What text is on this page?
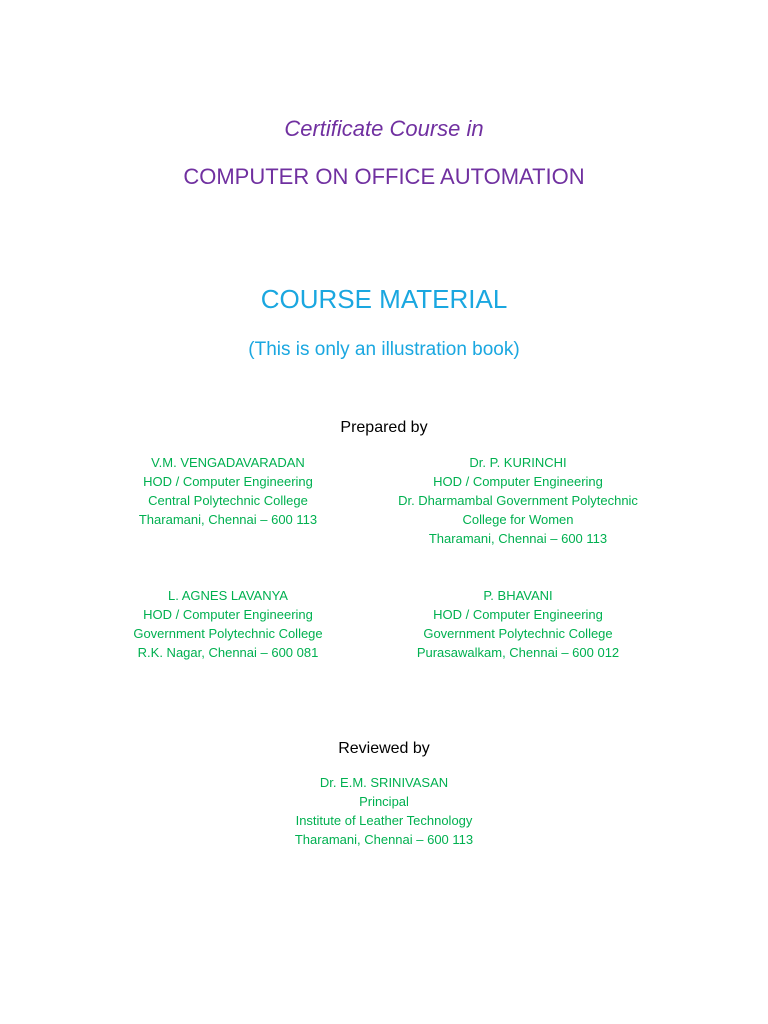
Certificate Course in
COMPUTER ON OFFICE AUTOMATION
COURSE MATERIAL
(This is only an illustration book)
Prepared by
V.M. VENGADAVARADAN
HOD / Computer Engineering
Central Polytechnic College
Tharamani, Chennai – 600 113
Dr. P. KURINCHI
HOD / Computer Engineering
Dr. Dharmambal Government Polytechnic
College for Women
Tharamani, Chennai – 600 113
L. AGNES LAVANYA
HOD / Computer Engineering
Government Polytechnic College
R.K. Nagar, Chennai – 600 081
P. BHAVANI
HOD / Computer Engineering
Government Polytechnic College
Purasawalkam, Chennai – 600 012
Reviewed by
Dr. E.M. SRINIVASAN
Principal
Institute of Leather Technology
Tharamani, Chennai – 600 113
